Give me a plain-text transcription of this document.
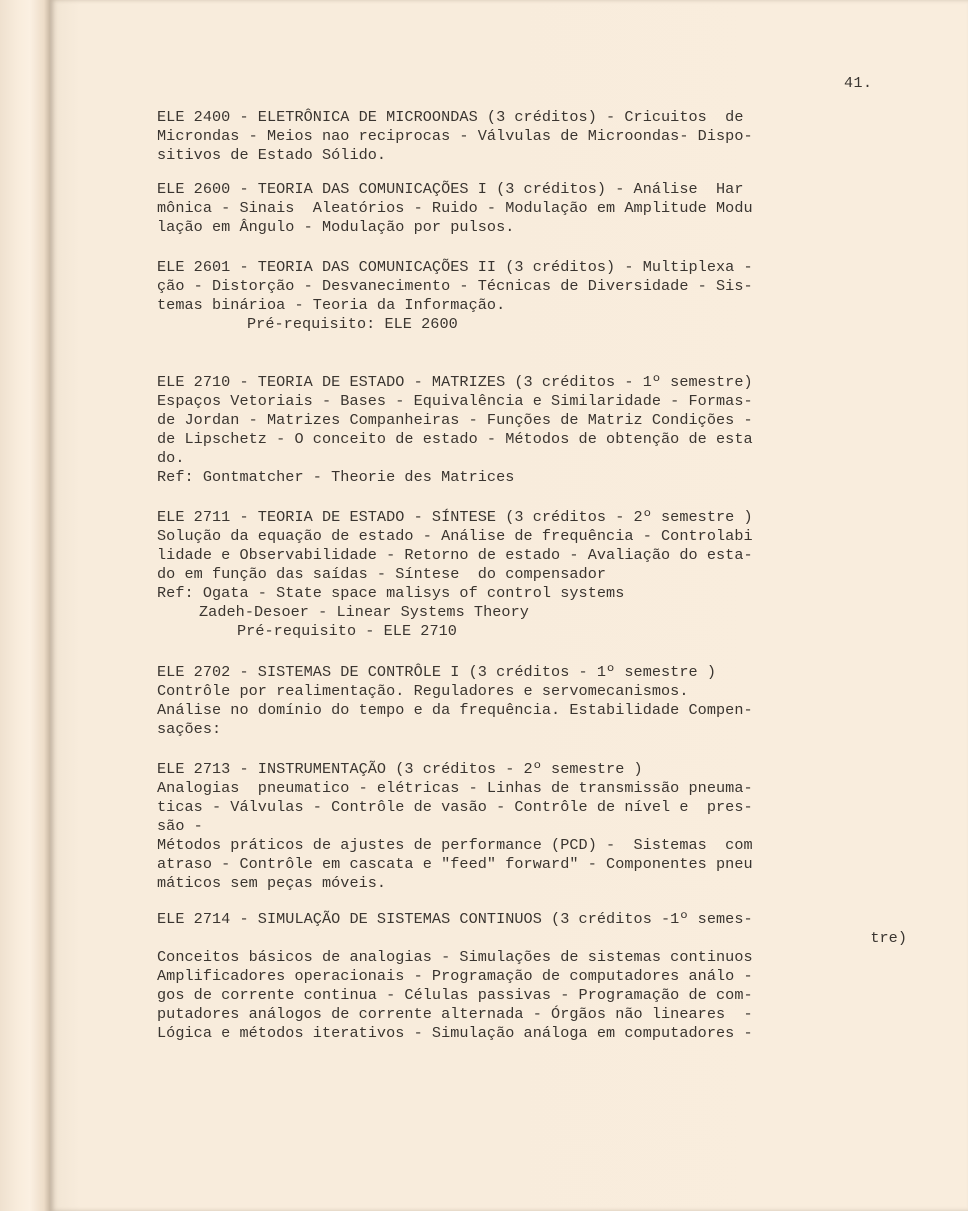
41.
ELE 2400 - ELETRÔNICA DE MICROONDAS (3 créditos) - Cricuitos  de
Microndas - Meios nao reciprocas - Válvulas de Microondas- Dispo-
sitivos de Estado Sólido.
ELE 2600 - TEORIA DAS COMUNICAÇÕES I (3 créditos) - Análise  Har
mônica - Sinais  Aleatórios - Ruido - Modulação em Amplitude Modu
lação em Ângulo - Modulação por pulsos.
ELE 2601 - TEORIA DAS COMUNICAÇÕES II (3 créditos) - Multiplexa -
ção - Distorção - Desvanecimento - Técnicas de Diversidade - Sis-
temas binárioa - Teoria da Informação.
Pré-requisito: ELE 2600
ELE 2710 - TEORIA DE ESTADO - MATRIZES (3 créditos - 1º semestre)
Espaços Vetoriais - Bases - Equivalência e Similaridade - Formas-
de Jordan - Matrizes Companheiras - Funções de Matriz Condições -
de Lipschetz - O conceito de estado - Métodos de obtenção de esta
do.
Ref: Gontmatcher - Theorie des Matrices
ELE 2711 - TEORIA DE ESTADO - SÍNTESE (3 créditos - 2º semestre )
Solução da equação de estado - Análise de frequência - Controlabi
lidade e Observabilidade - Retorno de estado - Avaliação do esta-
do em função das saídas - Síntese  do compensador
Ref: Ogata - State space malisys of control systems
Zadeh-Desoer - Linear Systems Theory
Pré-requisito - ELE 2710
ELE 2702 - SISTEMAS DE CONTRÔLE I (3 créditos - 1º semestre )
Contrôle por realimentação. Reguladores e servomecanismos.
Análise no domínio do tempo e da frequência. Estabilidade Compen-
sações:
ELE 2713 - INSTRUMENTAÇÃO (3 créditos - 2º semestre )
Analogias  pneumatico - elétricas - Linhas de transmissão pneuma-
ticas - Válvulas - Contrôle de vasão - Contrôle de nível e  pres-
são -
Métodos práticos de ajustes de performance (PCD) -  Sistemas  com
atraso - Contrôle em cascata e "feed" forward" - Componentes pneu
máticos sem peças móveis.
ELE 2714 - SIMULAÇÃO DE SISTEMAS CONTINUOS (3 créditos -1º semes-
tre)
Conceitos básicos de analogias - Simulações de sistemas continuos
Amplificadores operacionais - Programação de computadores análo -
gos de corrente continua - Células passivas - Programação de com-
putadores análogos de corrente alternada - Órgãos não lineares  -
Lógica e métodos iterativos - Simulação análoga em computadores -
